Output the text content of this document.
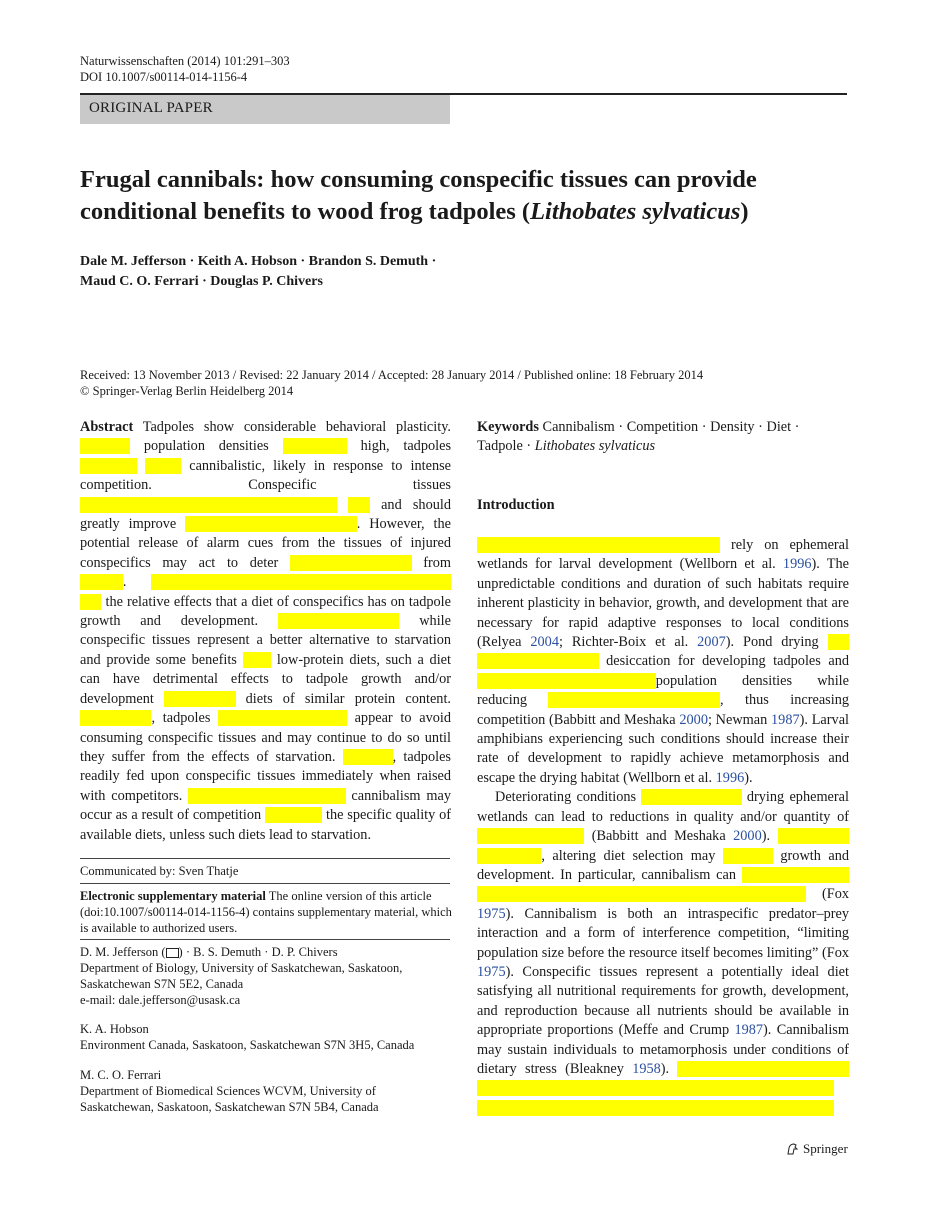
Naturwissenschaften (2014) 101:291–303
DOI 10.1007/s00114-014-1156-4
ORIGINAL PAPER
Frugal cannibals: how consuming conspecific tissues can provide conditional benefits to wood frog tadpoles (Lithobates sylvaticus)
Dale M. Jefferson · Keith A. Hobson · Brandon S. Demuth ·
Maud C. O. Ferrari · Douglas P. Chivers
Received: 13 November 2013 / Revised: 22 January 2014 / Accepted: 28 January 2014 / Published online: 18 February 2014
© Springer-Verlag Berlin Heidelberg 2014

Abstract Tadpoles show considerable behavioral plasticity. population densities	high, tadpoles cannibalistic, likely in response to intense competition. Conspecific tissues and should greatly improve	. However, the potential release of alarm cues from the tissues of injured conspecifics may act to deter	from . the relative effects that a diet of conspecifics has on tadpole growth and development.	while conspecific tissues represent a better alternative to starvation and provide some benefits	low-protein diets, such a diet can have detrimental effects to tadpole growth and/or development	diets of similar protein content. , tadpoles	appear to avoid consuming conspecific tissues and may continue to do so until they suffer from the effects of starvation.	, tadpoles readily fed upon conspecific tissues immediately when raised with competitors.	cannibalism may occur as a result of competition	the specific quality of available diets, unless such diets lead to starvation.

Keywords Cannibalism · Competition · Density · Diet · Tadpole · Lithobates sylvaticus

Introduction

rely on ephemeral wetlands for larval development (Wellborn et al. 1996). The unpredictable conditions and duration of such habitats require inherent plasticity in behavior, growth, and development that are necessary for rapid adaptive responses to local conditions (Relyea 2004; Richter-Boix et al. 2007). Pond drying desiccation for developing tadpoles and population densities while reducing	, thus increasing competition (Babbitt and Meshaka 2000; Newman 1987). Larval amphibians experiencing such conditions should increase their rate of development to rapidly achieve metamorphosis and escape the drying habitat (Wellborn et al. 1996).

Deteriorating conditions	drying ephemeral wetlands can lead to reductions in quality and/or quantity of (Babbitt and Meshaka 2000). , altering diet selection may	growth and development. In particular, cannibalism can (Fox 1975). Cannibalism is both an intraspecific predator–prey interaction and a form of interference competition, “limiting population size before the resource itself becomes limiting” (Fox 1975). Conspecific tissues represent a potentially ideal diet satisfying all nutritional requirements for growth, development, and reproduction because all nutrients should be available in appropriate proportions (Meffe and Crump 1987). Cannibalism may sustain individuals to metamorphosis under conditions of dietary stress (Bleakney 1958).

Communicated by: Sven Thatje
Electronic supplementary material The online version of this article (doi:10.1007/s00114-014-1156-4) contains supplementary material, which is available to authorized users.
D. M. Jefferson ( ) · B. S. Demuth · D. P. Chivers
Department of Biology, University of Saskatchewan, Saskatoon, Saskatchewan S7N 5E2, Canada
e-mail: dale.jefferson@usask.ca
K. A. Hobson
Environment Canada, Saskatoon, Saskatchewan S7N 3H5, Canada
M. C. O. Ferrari
Department of Biomedical Sciences WCVM, University of Saskatchewan, Saskatoon, Saskatchewan S7N 5B4, Canada
Springer
